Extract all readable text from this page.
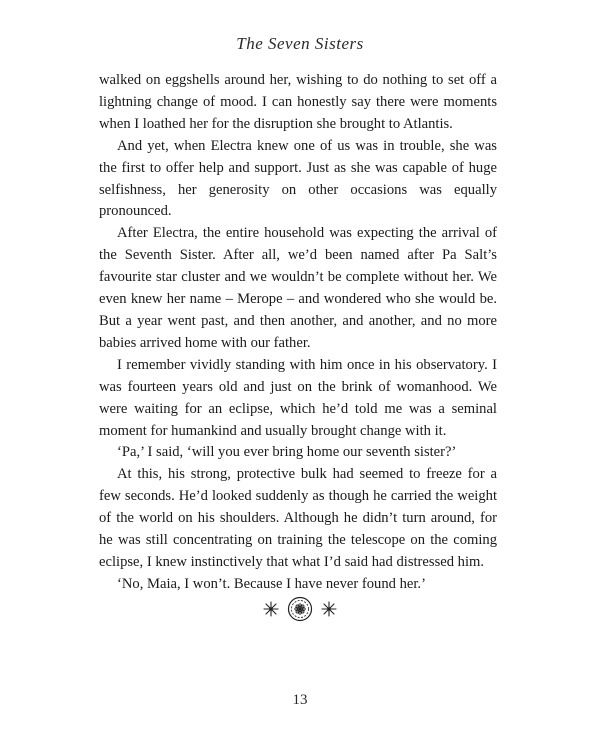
The Seven Sisters

walked on eggshells around her, wishing to do nothing to set off a lightning change of mood. I can honestly say there were moments when I loathed her for the disruption she brought to Atlantis.

And yet, when Electra knew one of us was in trouble, she was the first to offer help and support. Just as she was capable of huge selfishness, her generosity on other occasions was equally pronounced.

After Electra, the entire household was expecting the arrival of the Seventh Sister. After all, we’d been named after Pa Salt’s favourite star cluster and we wouldn’t be complete without her. We even knew her name – Merope – and wondered who she would be. But a year went past, and then another, and another, and no more babies arrived home with our father.

I remember vividly standing with him once in his observatory. I was fourteen years old and just on the brink of womanhood. We were waiting for an eclipse, which he’d told me was a seminal moment for humankind and usually brought change with it.

‘Pa,’ I said, ‘will you ever bring home our seventh sister?’

At this, his strong, protective bulk had seemed to freeze for a few seconds. He’d looked suddenly as though he carried the weight of the world on his shoulders. Although he didn’t turn around, for he was still concentrating on training the telescope on the coming eclipse, I knew instinctively that what I’d said had distressed him.

‘No, Maia, I won’t. Because I have never found her.’

13
